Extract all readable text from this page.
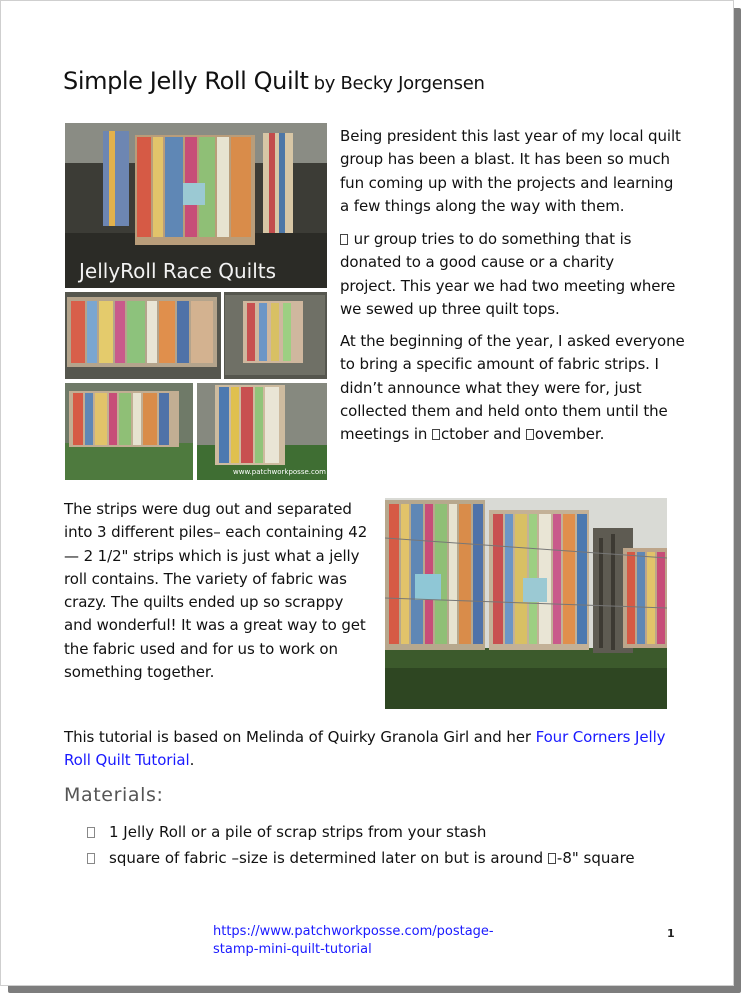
Simple Jelly Roll Quilt by Becky Jorgensen
JellyRoll Race Quilts
www.patchworkposse.com
Being president this last year of my local quilt
group has been a blast. It has been so much
fun coming up with the projects and learning
a few things along the way with them.
ur group tries to do something that is
donated to a good cause or a charity
project. This year we had two meeting where
we sewed up three quilt tops.
At the beginning of the year, I asked everyone
to bring a specific amount of fabric strips. I
didn’t announce what they were for, just
collected them and held onto them until the
meetings in ctober and ovember.
The strips were dug out and separated
into 3 different piles– each containing 42
— 2 1/2" strips which is just what a jelly
roll contains. The variety of fabric was
crazy. The quilts ended up so scrappy
and wonderful! It was a great way to get
the fabric used and for us to work on
something together.
This tutorial is based on Melinda of Quirky Granola Girl and her Four Corners Jelly
Roll Quilt Tutorial.
Materials:
1 Jelly Roll or a pile of scrap strips from your stash
square of fabric –size is determined later on but is around -8" square
https://www.patchworkposse.com/postage-
stamp-mini-quilt-tutorial
1
